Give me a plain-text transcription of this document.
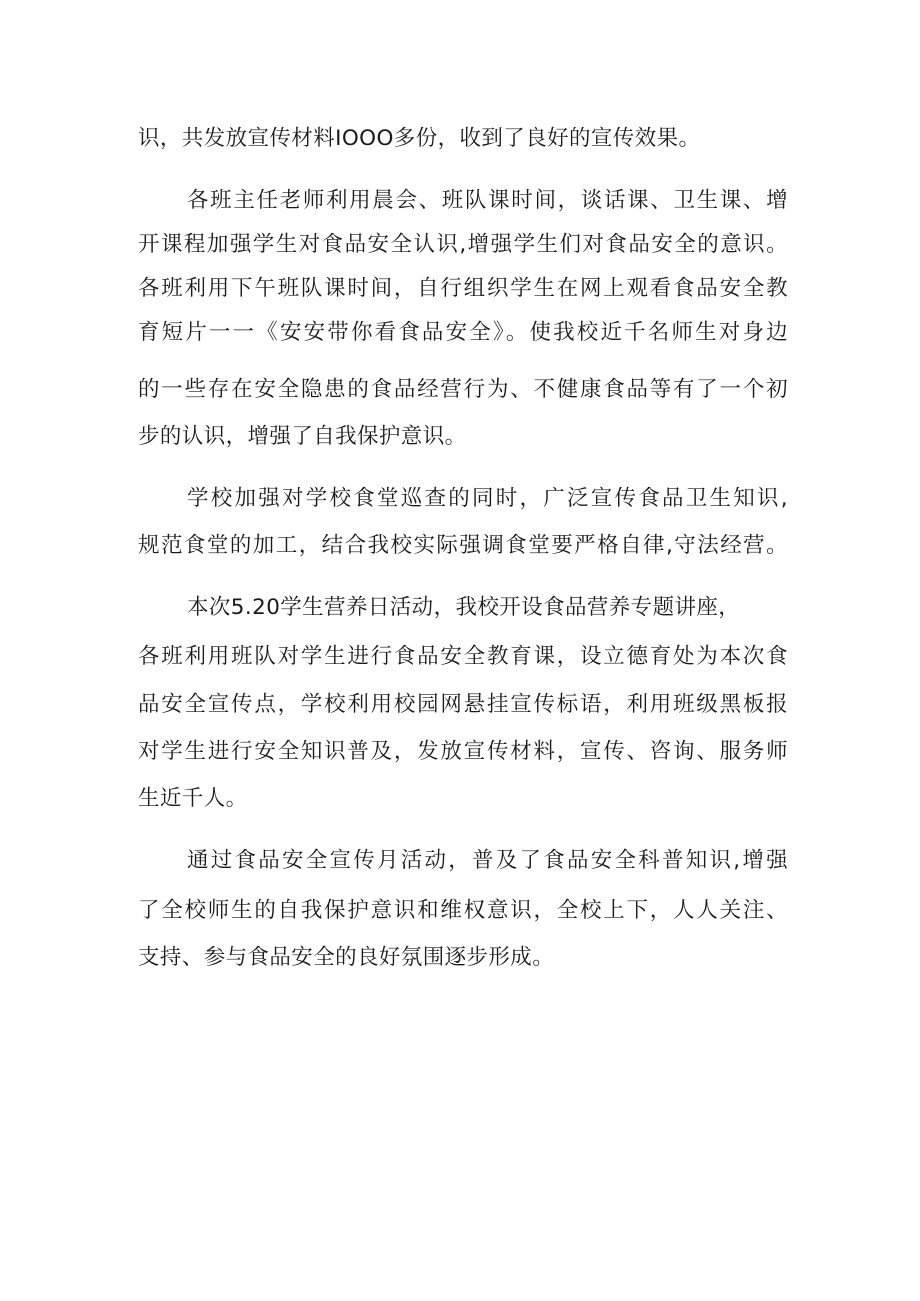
识，共发放宣传材料IOOO多份，收到了良好的宣传效果。

各班主任老师利用晨会、班队课时间，谈话课、卫生课、增

开课程加强学生对食品安全认识,增强学生们对食品安全的意识。

各班利用下午班队课时间，自行组织学生在网上观看食品安全教

育短片一一《安安带你看食品安全》。使我校近千名师生对身边

的一些存在安全隐患的食品经营行为、不健康食品等有了一个初

步的认识，增强了自我保护意识。

学校加强对学校食堂巡查的同时，广泛宣传食品卫生知识,

规范食堂的加工，结合我校实际强调食堂要严格自律,守法经营。

本次5.20学生营养日活动，我校开设食品营养专题讲座，

各班利用班队对学生进行食品安全教育课，设立德育处为本次食

品安全宣传点，学校利用校园网悬挂宣传标语，利用班级黑板报

对学生进行安全知识普及，发放宣传材料，宣传、咨询、服务师

生近千人。

通过食品安全宣传月活动，普及了食品安全科普知识,增强

了全校师生的自我保护意识和维权意识，全校上下，人人关注、

支持、参与食品安全的良好氛围逐步形成。
